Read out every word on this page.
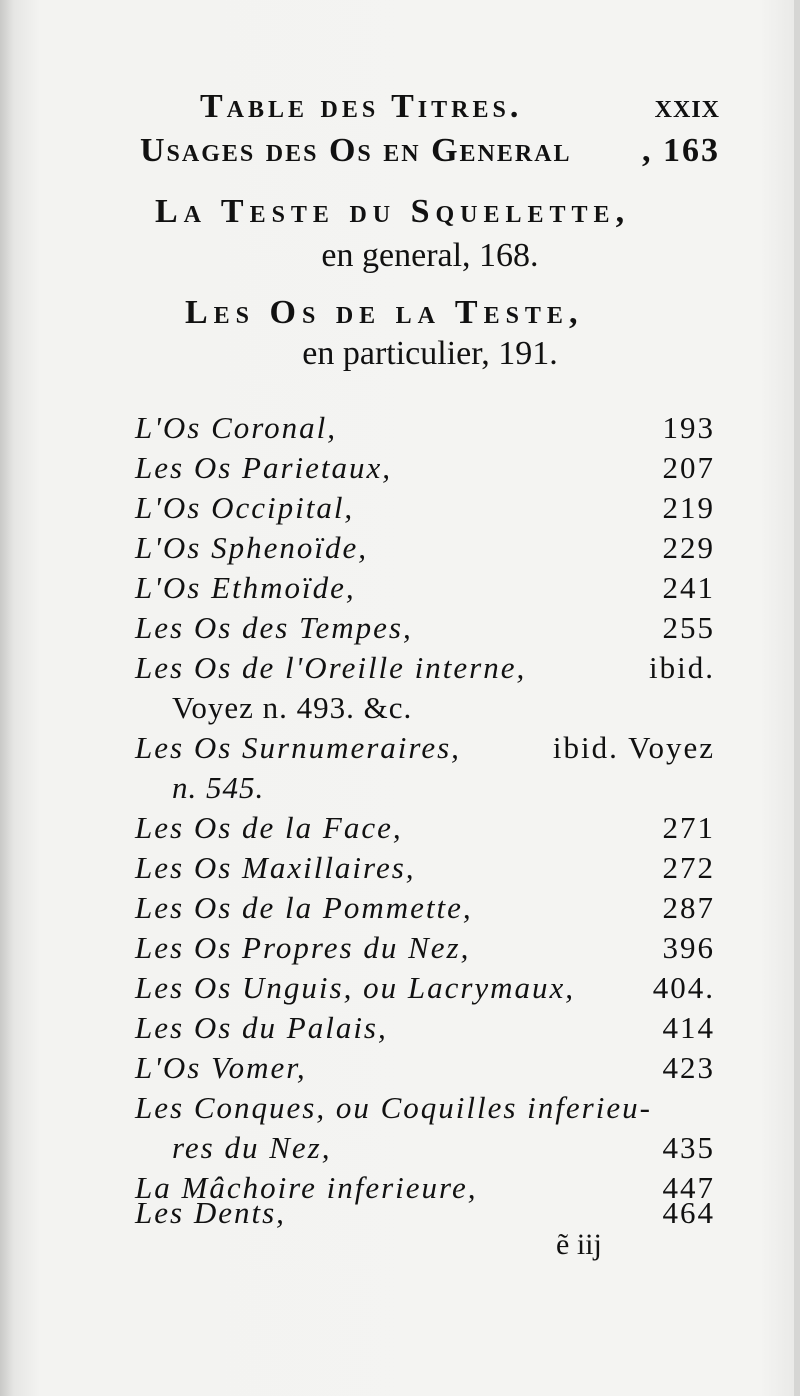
Table des Titres.	xxix
Usages des Os en General , 163
La Teste du Squelette,
en general, 168.
Les Os de la Teste,
en particulier, 191.
L'Os Coronal,	193
Les Os Parietaux,	207
L'Os Occipital,	219
L'Os Sphenoïde,	229
L'Os Ethmoïde,	241
Les Os des Tempes,	255
Les Os de l'Oreille interne,	ibid.
Voyez n. 493. &c.
Les Os Surnumeraires,	ibid. Voyez
n. 545.
Les Os de la Face,	271
Les Os Maxillaires,	272
Les Os de la Pommette,	287
Les Os Propres du Nez,	396
Les Os Unguis, ou Lacrymaux,	404.
Les Os du Palais,	414
L'Os Vomer,	423
Les Conques, ou Coquilles inferieu-
res du Nez,	435
La Mâchoire inferieure,	447
Les Dents,	464
ẽ iij
